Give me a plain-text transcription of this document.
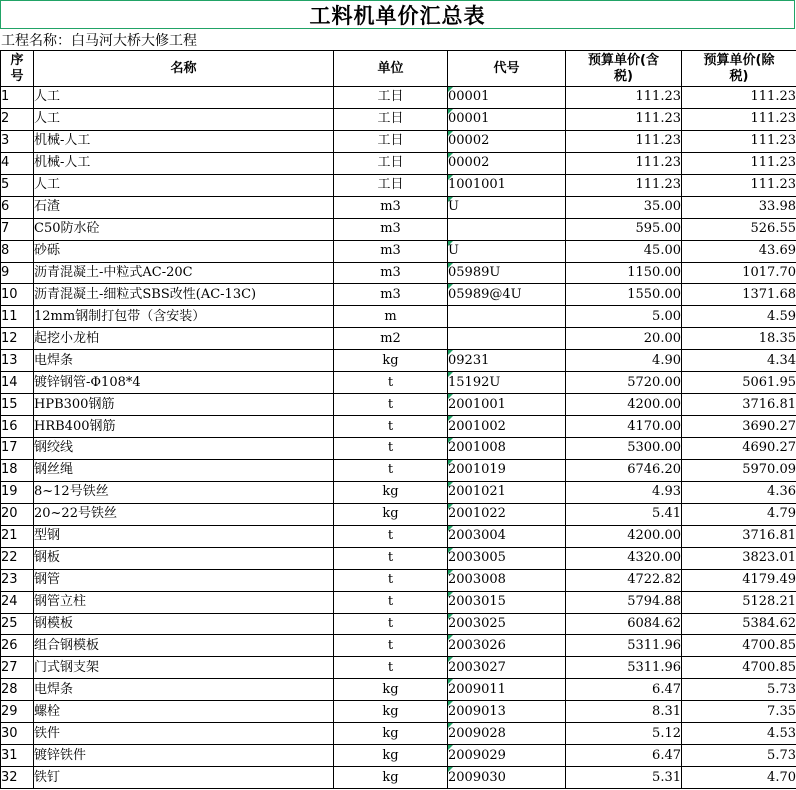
工料机单价汇总表
工程名称：白马河大桥大修工程
序号	名称	单位	代号	预算单价(含税)	预算单价(除税)
1	人工	工日	00001	111.23	111.23
2	人工	工日	00001	111.23	111.23
3	机械-人工	工日	00002	111.23	111.23
4	机械-人工	工日	00002	111.23	111.23
5	人工	工日	1001001	111.23	111.23
6	石渣	m3	U	35.00	33.98
7	C50防水砼	m3		595.00	526.55
8	砂砾	m3	U	45.00	43.69
9	沥青混凝土-中粒式AC-20C	m3	05989U	1150.00	1017.70
10	沥青混凝土-细粒式SBS改性(AC-13C)	m3	05989@4U	1550.00	1371.68
11	12mm钢制打包带（含安装）	m		5.00	4.59
12	起挖小龙柏	m2		20.00	18.35
13	电焊条	kg	09231	4.90	4.34
14	镀锌钢管-Φ108*4	t	15192U	5720.00	5061.95
15	HPB300钢筋	t	2001001	4200.00	3716.81
16	HRB400钢筋	t	2001002	4170.00	3690.27
17	钢绞线	t	2001008	5300.00	4690.27
18	钢丝绳	t	2001019	6746.20	5970.09
19	8~12号铁丝	kg	2001021	4.93	4.36
20	20~22号铁丝	kg	2001022	5.41	4.79
21	型钢	t	2003004	4200.00	3716.81
22	钢板	t	2003005	4320.00	3823.01
23	钢管	t	2003008	4722.82	4179.49
24	钢管立柱	t	2003015	5794.88	5128.21
25	钢模板	t	2003025	6084.62	5384.62
26	组合钢模板	t	2003026	5311.96	4700.85
27	门式钢支架	t	2003027	5311.96	4700.85
28	电焊条	kg	2009011	6.47	5.73
29	螺栓	kg	2009013	8.31	7.35
30	铁件	kg	2009028	5.12	4.53
31	镀锌铁件	kg	2009029	6.47	5.73
32	铁钉	kg	2009030	5.31	4.70
